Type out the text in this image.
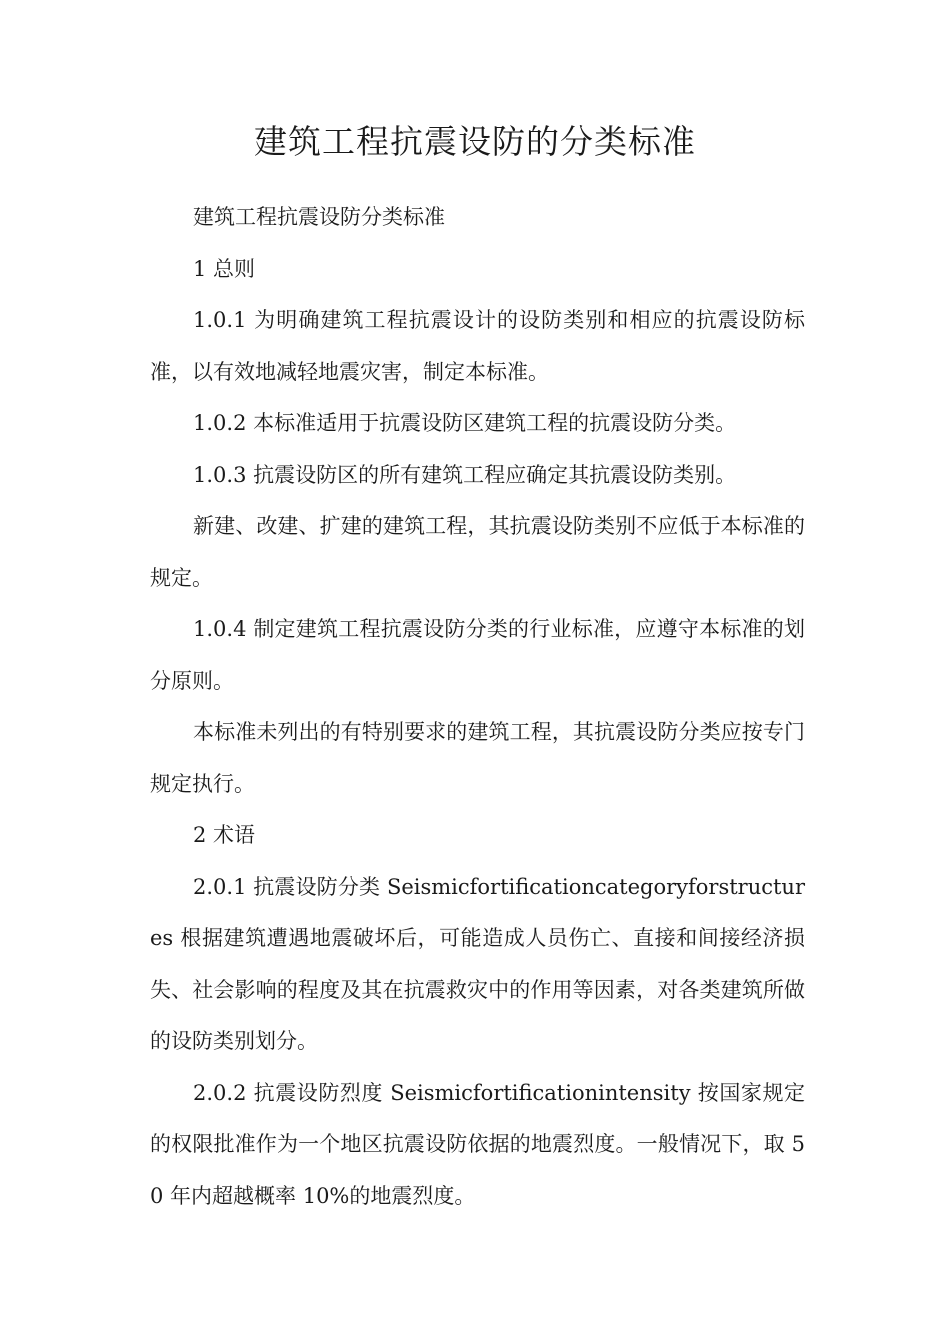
建筑工程抗震设防的分类标准

建筑工程抗震设防分类标准

1 总则

1.0.1 为明确建筑工程抗震设计的设防类别和相应的抗震设防标准，以有效地减轻地震灾害，制定本标准。

1.0.2 本标准适用于抗震设防区建筑工程的抗震设防分类。

1.0.3 抗震设防区的所有建筑工程应确定其抗震设防类别。

新建、改建、扩建的建筑工程，其抗震设防类别不应低于本标准的规定。

1.0.4 制定建筑工程抗震设防分类的行业标准，应遵守本标准的划分原则。

本标准未列出的有特别要求的建筑工程，其抗震设防分类应按专门规定执行。

2 术语

2.0.1 抗震设防分类 Seismicfortificationcategoryforstructures 根据建筑遭遇地震破坏后，可能造成人员伤亡、直接和间接经济损失、社会影响的程度及其在抗震救灾中的作用等因素，对各类建筑所做的设防类别划分。

2.0.2 抗震设防烈度 Seismicfortificationintensity 按国家规定的权限批准作为一个地区抗震设防依据的地震烈度。一般情况下，取 50 年内超越概率 10%的地震烈度。
